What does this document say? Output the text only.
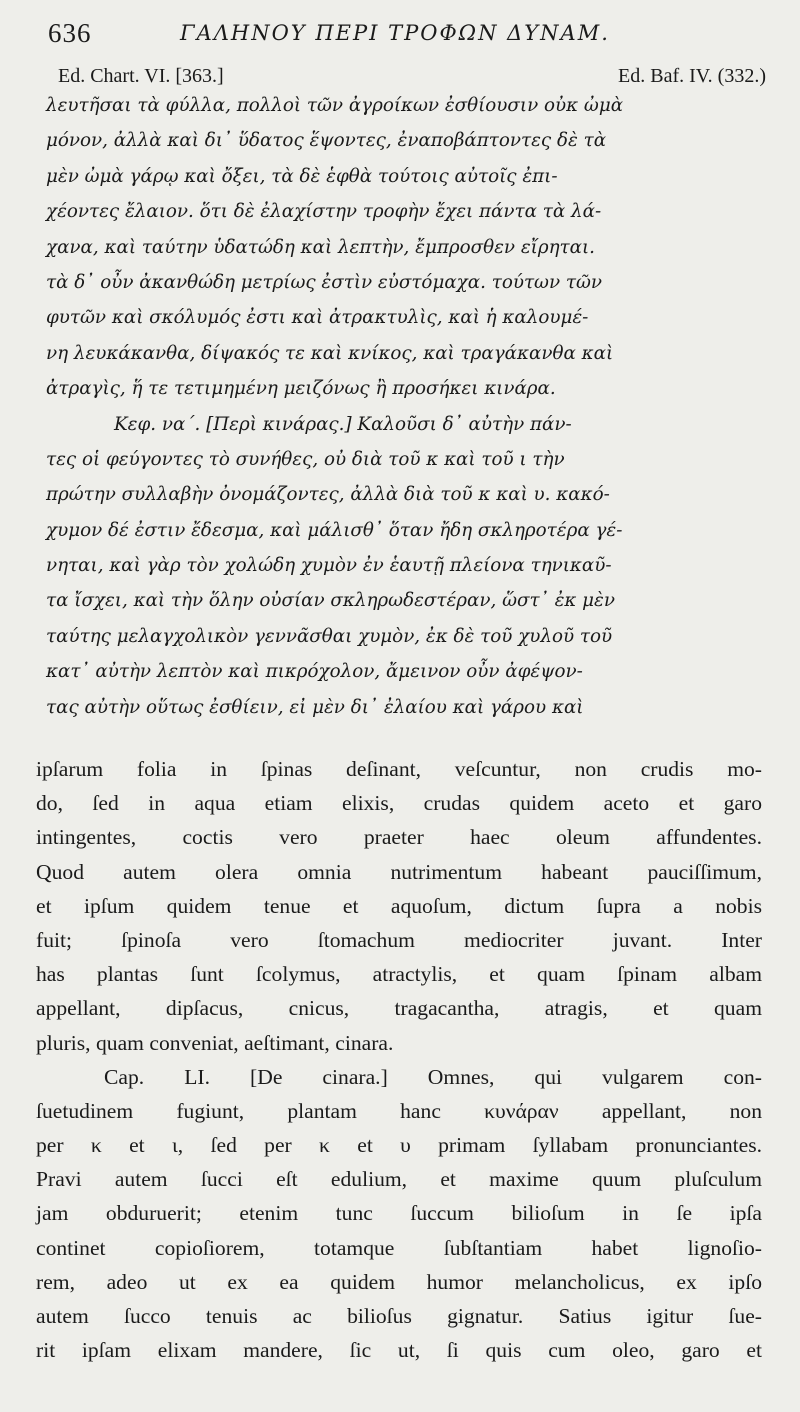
636	ΓΑΛΗΝΟΥ ΠΕΡΙ ΤΡΟΦΩΝ ΔΥΝΑΜ.
Ed. Chart. VI. [363.]	Ed. Baf. IV. (332.)
λευτῆσαι τὰ φύλλα, πολλοὶ τῶν ἀγροίκων ἐσθίουσιν οὐκ ὠμὰ
μόνον, ἀλλὰ καὶ δι᾽ ὕδατος ἕψοντες, ἐναποβάπτοντες δὲ τὰ
μὲν ὠμὰ γάρῳ καὶ ὄξει, τὰ δὲ ἑφθὰ τούτοις αὐτοῖς ἐπι-
χέοντες ἔλαιον. ὅτι δὲ ἐλαχίστην τροφὴν ἔχει πάντα τὰ λά-
χανα, καὶ ταύτην ὑδατώδη καὶ λεπτὴν, ἔμπροσθεν εἴρηται.
τὰ δ᾽ οὖν ἀκανθώδη μετρίως ἐστὶν εὐστόμαχα. τούτων τῶν
φυτῶν καὶ σκόλυμός ἐστι καὶ ἀτρακτυλὶς, καὶ ἡ καλουμέ-
νη λευκάκανθα, δίψακός τε καὶ κνίκος, καὶ τραγάκανθα καὶ
ἀτραγὶς, ἥ τε τετιμημένη μειζόνως ἢ προσήκει κινάρα.
Κεφ. να΄. [Περὶ κινάρας.] Καλοῦσι δ᾽ αὐτὴν πάν-
τες οἱ φεύγοντες τὸ συνήθες, οὐ διὰ τοῦ κ καὶ τοῦ ι τὴν
πρώτην συλλαβὴν ὀνομάζοντες, ἀλλὰ διὰ τοῦ κ καὶ υ. κακό-
χυμον δέ ἐστιν ἔδεσμα, καὶ μάλισθ᾽ ὅταν ἤδη σκληροτέρα γέ-
νηται, καὶ γὰρ τὸν χολώδη χυμὸν ἐν ἑαυτῇ πλείονα τηνικαῦ-
τα ἴσχει, καὶ τὴν ὅλην οὐσίαν σκληρωδεστέραν, ὥστ᾽ ἐκ μὲν
ταύτης μελαγχολικὸν γεννᾶσθαι χυμὸν, ἐκ δὲ τοῦ χυλοῦ τοῦ
κατ᾽ αὐτὴν λεπτὸν καὶ πικρόχολον, ἄμεινον οὖν ἀφέψον-
τας αὐτὴν οὕτως ἐσθίειν, εἰ μὲν δι᾽ ἐλαίου καὶ γάρου καὶ
ipſarum folia in ſpinas deſinant, veſcuntur, non crudis mo-
do, ſed in aqua etiam elixis, crudas quidem aceto et garo
intingentes, coctis vero praeter haec oleum affundentes.
Quod autem olera omnia nutrimentum habeant pauciſſimum,
et ipſum quidem tenue et aquoſum, dictum ſupra a nobis
fuit; ſpinoſa vero ſtomachum mediocriter juvant. Inter
has plantas ſunt ſcolymus, atractylis, et quam ſpinam albam
appellant, dipſacus, cnicus, tragacantha, atragis, et quam
pluris, quam conveniat, aeſtimant, cinara.
Cap. LI. [De cinara.] Omnes, qui vulgarem con-
ſuetudinem fugiunt, plantam hanc κυνάραν appellant, non
per κ et ι, ſed per κ et υ primam ſyllabam pronunciantes.
Pravi autem ſucci eſt edulium, et maxime quum pluſculum
jam obduruerit; etenim tunc ſuccum bilioſum in ſe ipſa
continet copioſiorem, totamque ſubſtantiam habet lignoſio-
rem, adeo ut ex ea quidem humor melancholicus, ex ipſo
autem ſucco tenuis ac bilioſus gignatur. Satius igitur ſue-
rit ipſam elixam mandere, ſic ut, ſi quis cum oleo, garo et
